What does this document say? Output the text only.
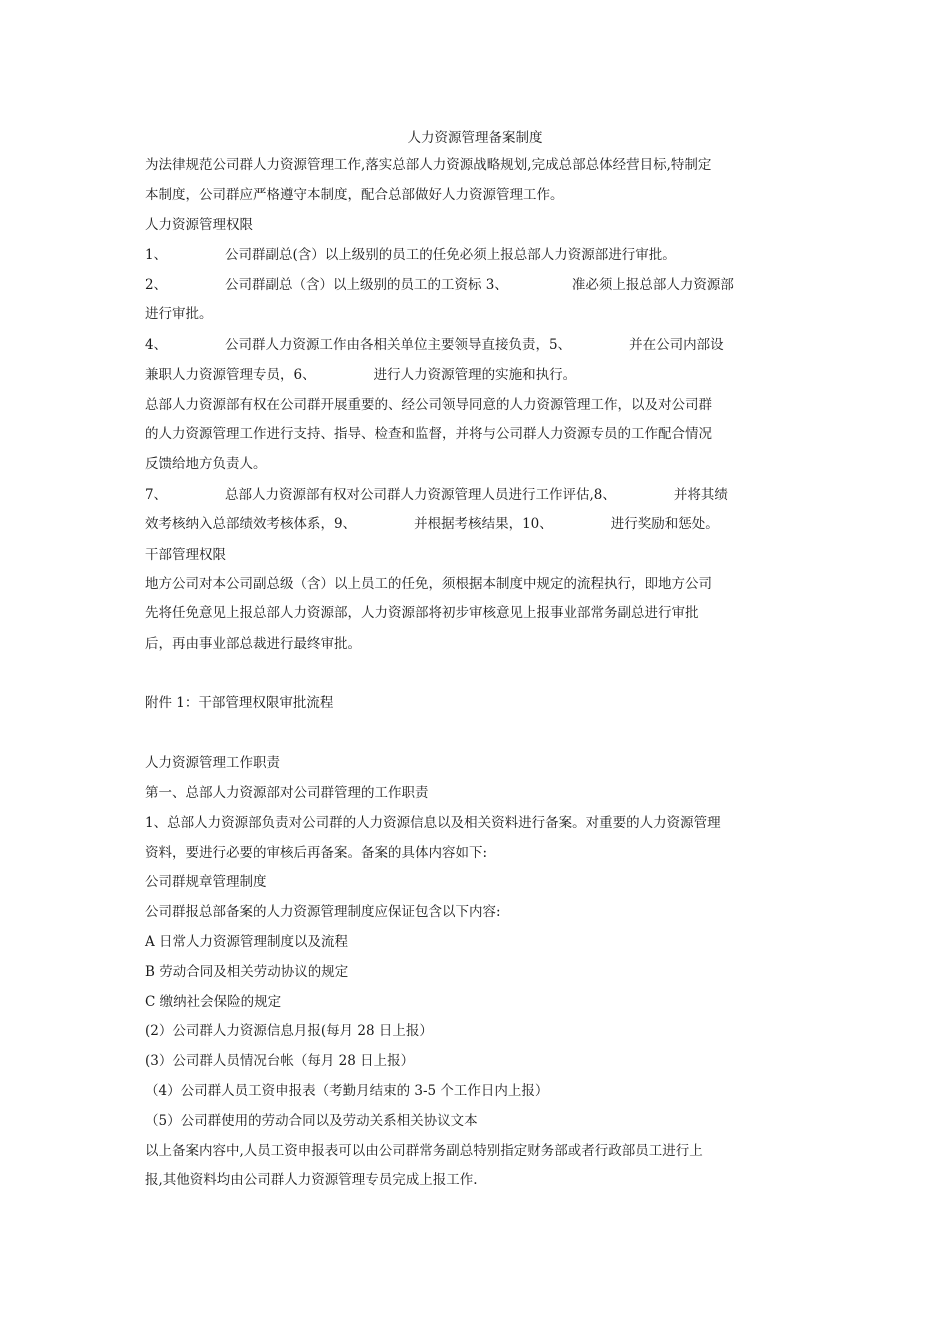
人力资源管理备案制度
为法律规范公司群人力资源管理工作,落实总部人力资源战略规划,完成总部总体经营目标,特制定
本制度，公司群应严格遵守本制度，配合总部做好人力资源管理工作。
人力资源管理权限
1、	公司群副总(含）以上级别的员工的任免必须上报总部人力资源部进行审批。
2、	公司群副总（含）以上级别的员工的工资标 3、	准必须上报总部人力资源部
进行审批。
4、	公司群人力资源工作由各相关单位主要领导直接负责，5、	并在公司内部设
兼职人力资源管理专员，6、	进行人力资源管理的实施和执行。
总部人力资源部有权在公司群开展重要的、经公司领导同意的人力资源管理工作，以及对公司群
的人力资源管理工作进行支持、指导、检查和监督，并将与公司群人力资源专员的工作配合情况
反馈给地方负责人。
7、	总部人力资源部有权对公司群人力资源管理人员进行工作评估,8、	并将其绩
效考核纳入总部绩效考核体系，9、	并根据考核结果，10、	进行奖励和惩处。
干部管理权限
地方公司对本公司副总级（含）以上员工的任免，须根据本制度中规定的流程执行，即地方公司
先将任免意见上报总部人力资源部，人力资源部将初步审核意见上报事业部常务副总进行审批
后，再由事业部总裁进行最终审批。
附件 1：干部管理权限审批流程
人力资源管理工作职责
第一、总部人力资源部对公司群管理的工作职责
1、总部人力资源部负责对公司群的人力资源信息以及相关资料进行备案。对重要的人力资源管理
资料，要进行必要的审核后再备案。备案的具体内容如下:
公司群规章管理制度
公司群报总部备案的人力资源管理制度应保证包含以下内容:
A 日常人力资源管理制度以及流程
B 劳动合同及相关劳动协议的规定
C 缴纳社会保险的规定
(2）公司群人力资源信息月报(每月 28 日上报）
(3）公司群人员情况台帐（每月 28 日上报）
（4）公司群人员工资申报表（考勤月结束的 3-5 个工作日内上报）
（5）公司群使用的劳动合同以及劳动关系相关协议文本
以上备案内容中,人员工资申报表可以由公司群常务副总特别指定财务部或者行政部员工进行上
报,其他资料均由公司群人力资源管理专员完成上报工作.
